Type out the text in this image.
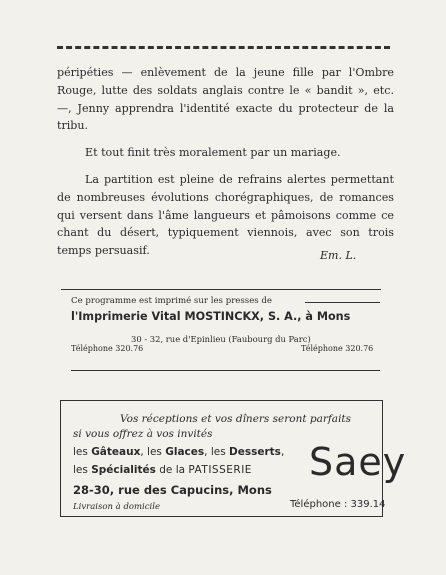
péripéties — enlèvement de la jeune fille par l'Ombre Rouge, lutte des soldats anglais contre le « bandit », etc. —, Jenny apprendra l'identité exacte du protecteur de la tribu.

Et tout finit très moralement par un mariage.

La partition est pleine de refrains alertes permettant de nombreuses évolutions chorégraphiques, de romances qui versent dans l'âme langueurs et pâmoisons comme ce chant du désert, typiquement viennois, avec son trois temps persuasif.	Em. L.
Ce programme est imprimé sur les presses de
l'Imprimerie Vital MOSTINCKX, S. A., à Mons
30 - 32, rue d'Epinlieu (Faubourg du Parc)
Téléphone 320.76	Téléphone 320.76
Vos réceptions et vos dîners seront parfaits
si vous offrez à vos invités
les Gâteaux, les Glaces, les Desserts,
les Spécialités de la PATISSERIE
28-30, rue des Capucins, Mons
Livraison à domicile	Téléphone : 339.14
Saey
